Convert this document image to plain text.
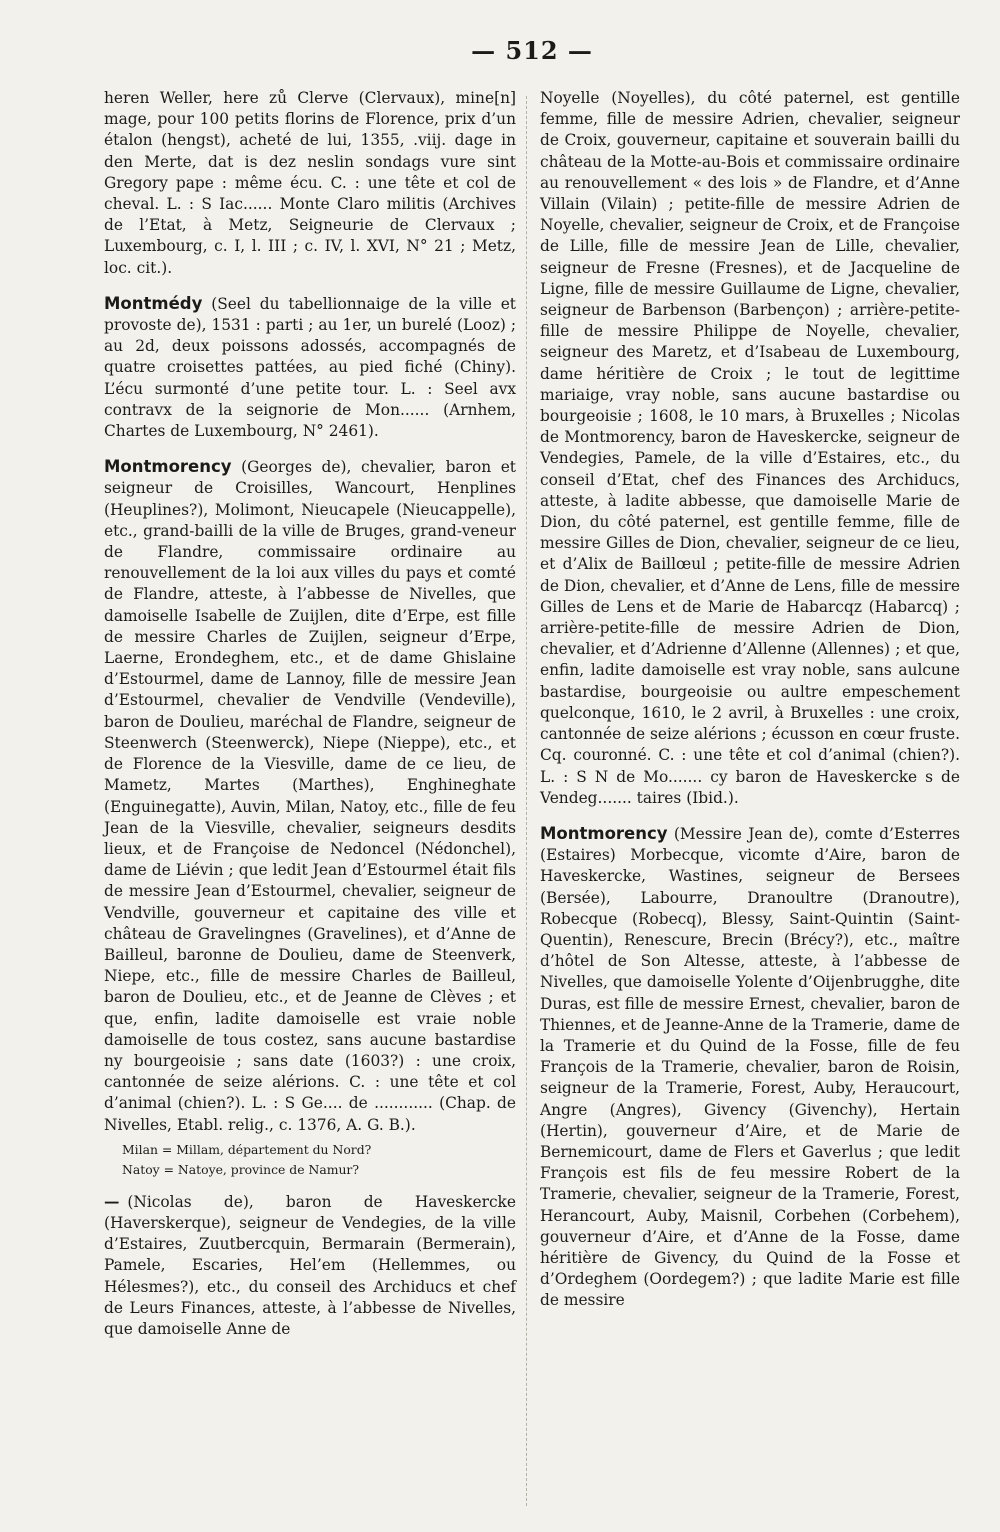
— 512 —

heren Weller, here zů Clerve (Clervaux), mine[n] mage, pour 100 petits florins de Florence, prix d’un étalon (hengst), acheté de lui, 1355, .viij. dage in den Merte, dat is dez neslin sondags vure sint Gregory pape : même écu. C. : une tête et col de cheval. L. : S Iac...... Monte Claro militis (Archives de l’Etat, à Metz, Seigneurie de Clervaux ; Luxembourg, c. I, l. III ; c. IV, l. XVI, N° 21 ; Metz, loc. cit.).

Montmédy (Seel du tabellionnaige de la ville et provoste de), 1531 : parti ; au 1er, un burelé (Looz) ; au 2d, deux poissons adossés, accompagnés de quatre croisettes pattées, au pied fiché (Chiny). L’écu surmonté d’une petite tour. L. : Seel avx contravx de la seignorie de Mon...... (Arnhem, Chartes de Luxembourg, N° 2461).

Montmorency (Georges de), chevalier, baron et seigneur de Croisilles, Wancourt, Henplines (Heuplines?), Molimont, Nieucapele (Nieucappelle), etc., grand-bailli de la ville de Bruges, grand-veneur de Flandre, commissaire ordinaire au renouvellement de la loi aux villes du pays et comté de Flandre, atteste, à l’abbesse de Nivelles, que damoiselle Isabelle de Zuijlen, dite d’Erpe, est fille de messire Charles de Zuijlen, seigneur d’Erpe, Laerne, Erondeghem, etc., et de dame Ghislaine d’Estourmel, dame de Lannoy, fille de messire Jean d’Estourmel, chevalier de Vendville (Vendeville), baron de Doulieu, maréchal de Flandre, seigneur de Steenwerch (Steenwerck), Niepe (Nieppe), etc., et de Florence de la Viesville, dame de ce lieu, de Mametz, Martes (Marthes), Enghineghate (Enguinegatte), Auvin, Milan, Natoy, etc., fille de feu Jean de la Viesville, chevalier, seigneurs desdits lieux, et de Françoise de Nedoncel (Nédonchel), dame de Liévin ; que ledit Jean d’Estourmel était fils de messire Jean d’Estourmel, chevalier, seigneur de Vendville, gouverneur et capitaine des ville et château de Gravelingnes (Gravelines), et d’Anne de Bailleul, baronne de Doulieu, dame de Steenverk, Niepe, etc., fille de messire Charles de Bailleul, baron de Doulieu, etc., et de Jeanne de Clèves ; et que, enfin, ladite damoiselle est vraie noble damoiselle de tous costez, sans aucune bastardise ny bourgeoisie ; sans date (1603?) : une croix, cantonnée de seize alérions. C. : une tête et col d’animal (chien?). L. : S Ge.... de ............ (Chap. de Nivelles, Etabl. relig., c. 1376, A. G. B.).

Milan = Millam, département du Nord?

Natoy = Natoye, province de Namur?

— (Nicolas de), baron de Haveskercke (Haverskerque), seigneur de Vendegies, de la ville d’Estaires, Zuutbercquin, Bermarain (Bermerain), Pamele, Escaries, Hel’em (Hellemmes, ou Hélesmes?), etc., du conseil des Archiducs et chef de Leurs Finances, atteste, à l’abbesse de Nivelles, que damoiselle Anne de

Noyelle (Noyelles), du côté paternel, est gentille femme, fille de messire Adrien, chevalier, seigneur de Croix, gouverneur, capitaine et souverain bailli du château de la Motte-au-Bois et commissaire ordinaire au renouvellement « des lois » de Flandre, et d’Anne Villain (Vilain) ; petite-fille de messire Adrien de Noyelle, chevalier, seigneur de Croix, et de Françoise de Lille, fille de messire Jean de Lille, chevalier, seigneur de Fresne (Fresnes), et de Jacqueline de Ligne, fille de messire Guillaume de Ligne, chevalier, seigneur de Barbenson (Barbençon) ; arrière-petite-fille de messire Philippe de Noyelle, chevalier, seigneur des Maretz, et d’Isabeau de Luxembourg, dame héritière de Croix ; le tout de legittime mariaige, vray noble, sans aucune bastardise ou bourgeoisie ; 1608, le 10 mars, à Bruxelles ; Nicolas de Montmorency, baron de Haveskercke, seigneur de Vendegies, Pamele, de la ville d’Estaires, etc., du conseil d’Etat, chef des Finances des Archiducs, atteste, à ladite abbesse, que damoiselle Marie de Dion, du côté paternel, est gentille femme, fille de messire Gilles de Dion, chevalier, seigneur de ce lieu, et d’Alix de Baillœul ; petite-fille de messire Adrien de Dion, chevalier, et d’Anne de Lens, fille de messire Gilles de Lens et de Marie de Habarcqz (Habarcq) ; arrière-petite-fille de messire Adrien de Dion, chevalier, et d’Adrienne d’Allenne (Allennes) ; et que, enfin, ladite damoiselle est vray noble, sans aulcune bastardise, bourgeoisie ou aultre empeschement quelconque, 1610, le 2 avril, à Bruxelles : une croix, cantonnée de seize alérions ; écusson en cœur fruste. Cq. couronné. C. : une tête et col d’animal (chien?). L. : S N de Mo....... cy baron de Haveskercke s de Vendeg....... taires (Ibid.).

Montmorency (Messire Jean de), comte d’Esterres (Estaires) Morbecque, vicomte d’Aire, baron de Haveskercke, Wastines, seigneur de Bersees (Bersée), Labourre, Dranoultre (Dranoutre), Robecque (Robecq), Blessy, Saint-Quintin (Saint-Quentin), Renescure, Brecin (Brécy?), etc., maître d’hôtel de Son Altesse, atteste, à l’abbesse de Nivelles, que damoiselle Yolente d’Oijenbrugghe, dite Duras, est fille de messire Ernest, chevalier, baron de Thiennes, et de Jeanne-Anne de la Tramerie, dame de la Tramerie et du Quind de la Fosse, fille de feu François de la Tramerie, chevalier, baron de Roisin, seigneur de la Tramerie, Forest, Auby, Heraucourt, Angre (Angres), Givency (Givenchy), Hertain (Hertin), gouverneur d’Aire, et de Marie de Bernemicourt, dame de Flers et Gaverlus ; que ledit François est fils de feu messire Robert de la Tramerie, chevalier, seigneur de la Tramerie, Forest, Herancourt, Auby, Maisnil, Corbehen (Corbehem), gouverneur d’Aire, et d’Anne de la Fosse, dame héritière de Givency, du Quind de la Fosse et d’Ordeghem (Oordegem?) ; que ladite Marie est fille de messire
